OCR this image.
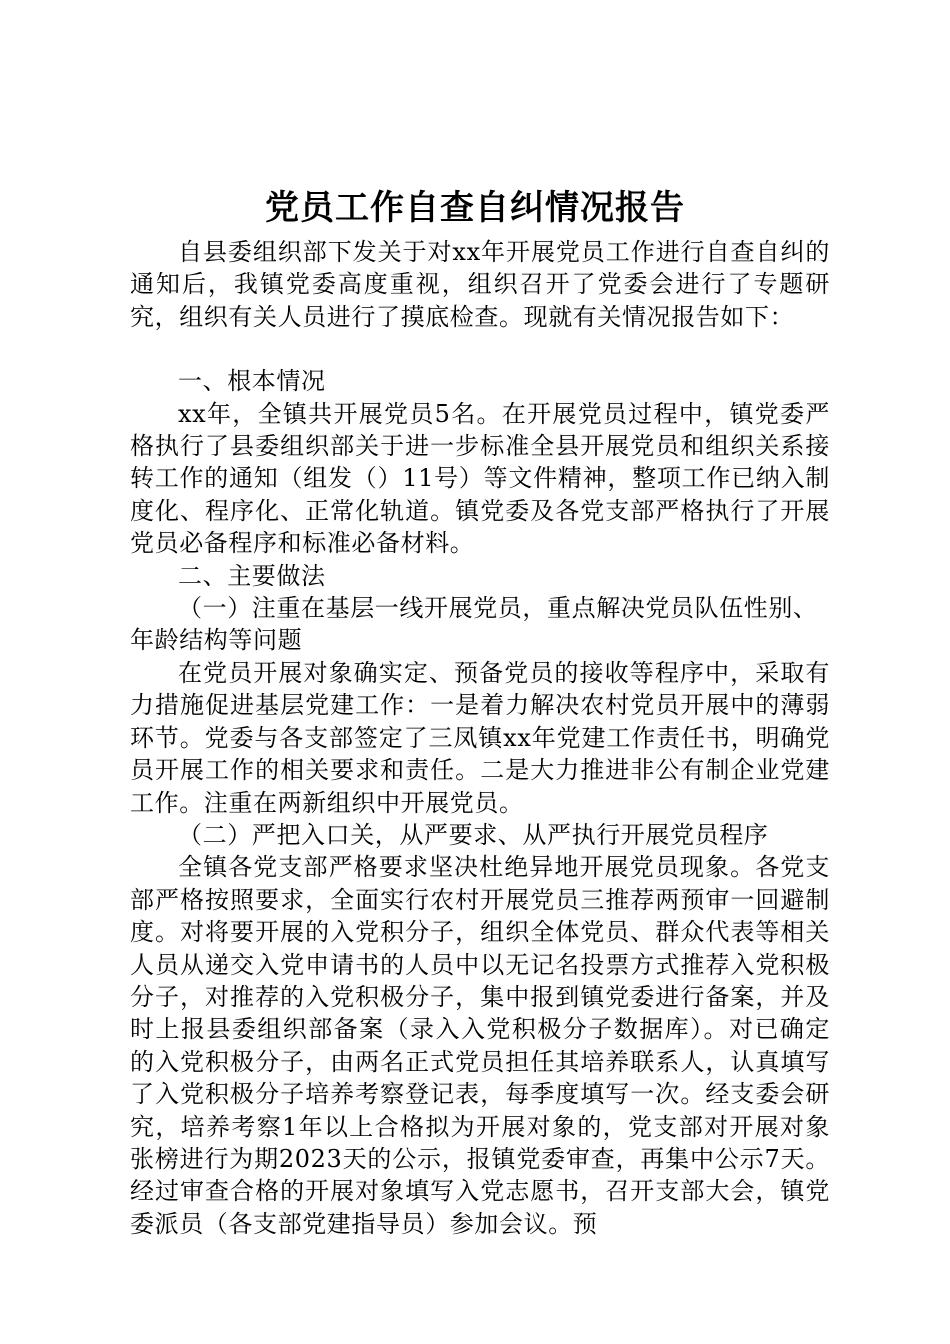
党员工作自查自纠情况报告

自县委组织部下发关于对xx年开展党员工作进行自查自纠的通知后，我镇党委高度重视，组织召开了党委会进行了专题研究，组织有关人员进行了摸底检查。现就有关情况报告如下：

一、根本情况

xx年，全镇共开展党员5名。在开展党员过程中，镇党委严格执行了县委组织部关于进一步标准全县开展党员和组织关系接转工作的通知（组发（）11号）等文件精神，整项工作已纳入制度化、程序化、正常化轨道。镇党委及各党支部严格执行了开展党员必备程序和标准必备材料。

二、主要做法

（一）注重在基层一线开展党员，重点解决党员队伍性别、年龄结构等问题

在党员开展对象确实定、预备党员的接收等程序中，采取有力措施促进基层党建工作：一是着力解决农村党员开展中的薄弱环节。党委与各支部签定了三凤镇xx年党建工作责任书，明确党员开展工作的相关要求和责任。二是大力推进非公有制企业党建工作。注重在两新组织中开展党员。

（二）严把入口关，从严要求、从严执行开展党员程序

全镇各党支部严格要求坚决杜绝异地开展党员现象。各党支部严格按照要求，全面实行农村开展党员三推荐两预审一回避制度。对将要开展的入党积分子，组织全体党员、群众代表等相关人员从递交入党申请书的人员中以无记名投票方式推荐入党积极分子，对推荐的入党积极分子，集中报到镇党委进行备案，并及时上报县委组织部备案（录入入党积极分子数据库）。对已确定的入党积极分子，由两名正式党员担任其培养联系人，认真填写了入党积极分子培养考察登记表，每季度填写一次。经支委会研究，培养考察1年以上合格拟为开展对象的，党支部对开展对象张榜进行为期2023天的公示，报镇党委审查，再集中公示7天。经过审查合格的开展对象填写入党志愿书，召开支部大会，镇党委派员（各支部党建指导员）参加会议。预
